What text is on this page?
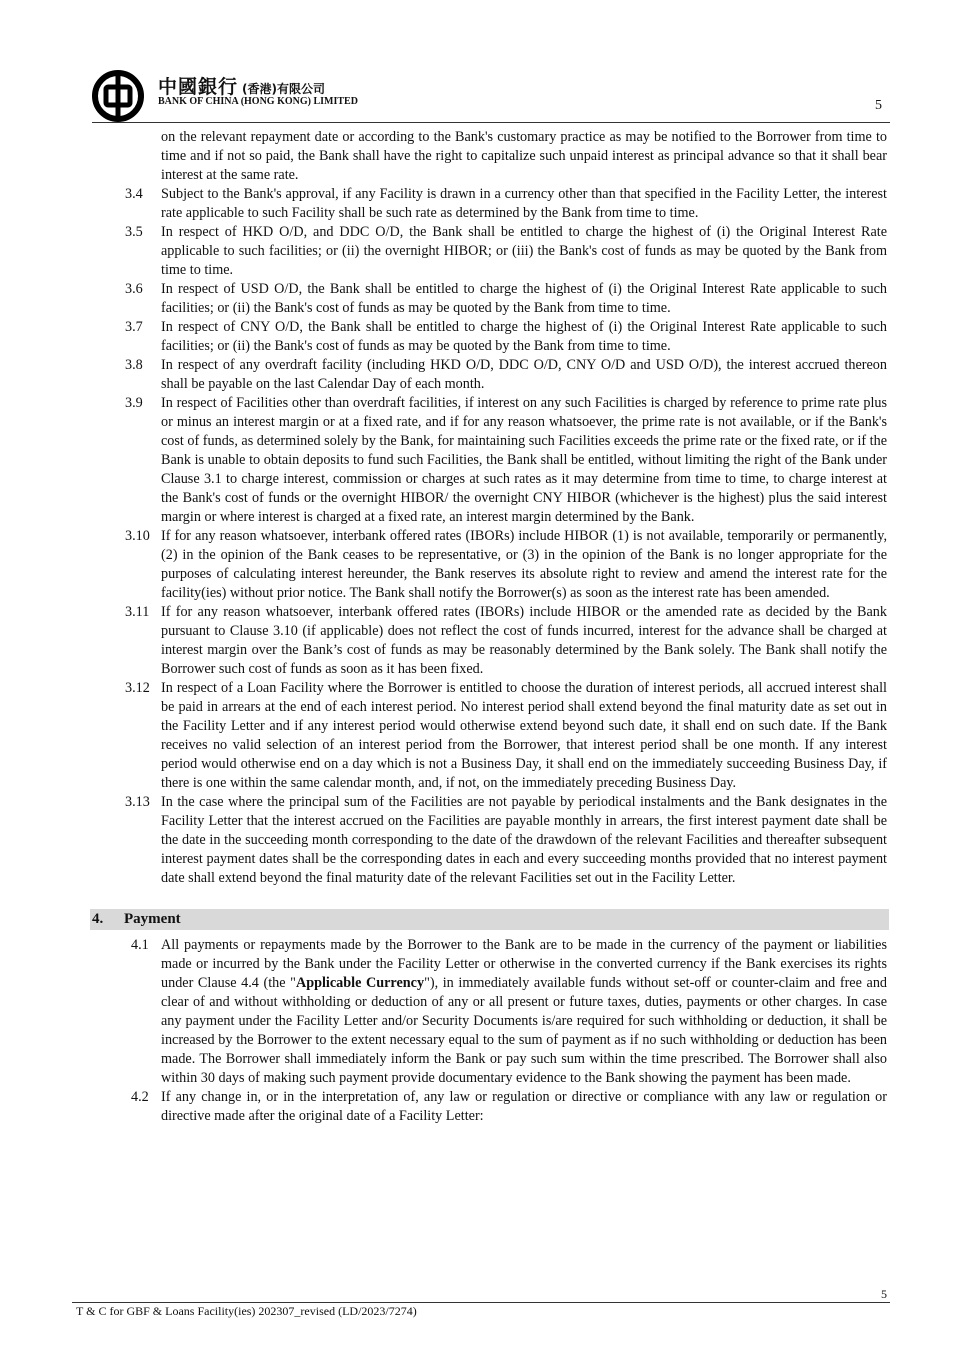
中國銀行 (香港)有限公司
BANK OF CHINA (HONG KONG) LIMITED	5
on the relevant repayment date or according to the Bank's customary practice as may be notified to the Borrower from time to time and if not so paid, the Bank shall have the right to capitalize such unpaid interest as principal advance so that it shall bear interest at the same rate.
3.4 Subject to the Bank's approval, if any Facility is drawn in a currency other than that specified in the Facility Letter, the interest rate applicable to such Facility shall be such rate as determined by the Bank from time to time.
3.5 In respect of HKD O/D, and DDC O/D, the Bank shall be entitled to charge the highest of (i) the Original Interest Rate applicable to such facilities; or (ii) the overnight HIBOR; or (iii) the Bank's cost of funds as may be quoted by the Bank from time to time.
3.6 In respect of USD O/D, the Bank shall be entitled to charge the highest of (i) the Original Interest Rate applicable to such facilities; or (ii) the Bank's cost of funds as may be quoted by the Bank from time to time.
3.7 In respect of CNY O/D, the Bank shall be entitled to charge the highest of (i) the Original Interest Rate applicable to such facilities; or (ii) the Bank's cost of funds as may be quoted by the Bank from time to time.
3.8 In respect of any overdraft facility (including HKD O/D, DDC O/D, CNY O/D and USD O/D), the interest accrued thereon shall be payable on the last Calendar Day of each month.
3.9 In respect of Facilities other than overdraft facilities, if interest on any such Facilities is charged by reference to prime rate plus or minus an interest margin or at a fixed rate, and if for any reason whatsoever, the prime rate is not available, or if the Bank's cost of funds, as determined solely by the Bank, for maintaining such Facilities exceeds the prime rate or the fixed rate, or if the Bank is unable to obtain deposits to fund such Facilities, the Bank shall be entitled, without limiting the right of the Bank under Clause 3.1 to charge interest, commission or charges at such rates as it may determine from time to time, to charge interest at the Bank's cost of funds or the overnight HIBOR/ the overnight CNY HIBOR (whichever is the highest) plus the said interest margin or where interest is charged at a fixed rate, an interest margin determined by the Bank.
3.10 If for any reason whatsoever, interbank offered rates (IBORs) include HIBOR (1) is not available, temporarily or permanently, (2) in the opinion of the Bank ceases to be representative, or (3) in the opinion of the Bank is no longer appropriate for the purposes of calculating interest hereunder, the Bank reserves its absolute right to review and amend the interest rate for the facility(ies) without prior notice. The Bank shall notify the Borrower(s) as soon as the interest rate has been amended.
3.11 If for any reason whatsoever, interbank offered rates (IBORs) include HIBOR or the amended rate as decided by the Bank pursuant to Clause 3.10 (if applicable) does not reflect the cost of funds incurred, interest for the advance shall be charged at interest margin over the Bank’s cost of funds as may be reasonably determined by the Bank solely. The Bank shall notify the Borrower such cost of funds as soon as it has been fixed.
3.12 In respect of a Loan Facility where the Borrower is entitled to choose the duration of interest periods, all accrued interest shall be paid in arrears at the end of each interest period. No interest period shall extend beyond the final maturity date as set out in the Facility Letter and if any interest period would otherwise extend beyond such date, it shall end on such date. If the Bank receives no valid selection of an interest period from the Borrower, that interest period shall be one month. If any interest period would otherwise end on a day which is not a Business Day, it shall end on the immediately succeeding Business Day, if there is one within the same calendar month, and, if not, on the immediately preceding Business Day.
3.13 In the case where the principal sum of the Facilities are not payable by periodical instalments and the Bank designates in the Facility Letter that the interest accrued on the Facilities are payable monthly in arrears, the first interest payment date shall be the date in the succeeding month corresponding to the date of the drawdown of the relevant Facilities and thereafter subsequent interest payment dates shall be the corresponding dates in each and every succeeding months provided that no interest payment date shall extend beyond the final maturity date of the relevant Facilities set out in the Facility Letter.
4. Payment
4.1 All payments or repayments made by the Borrower to the Bank are to be made in the currency of the payment or liabilities made or incurred by the Bank under the Facility Letter or otherwise in the converted currency if the Bank exercises its rights under Clause 4.4 (the "Applicable Currency"), in immediately available funds without set-off or counter-claim and free and clear of and without withholding or deduction of any or all present or future taxes, duties, payments or other charges. In case any payment under the Facility Letter and/or Security Documents is/are required for such withholding or deduction, it shall be increased by the Borrower to the extent necessary equal to the sum of payment as if no such withholding or deduction has been made. The Borrower shall immediately inform the Bank or pay such sum within the time prescribed. The Borrower shall also within 30 days of making such payment provide documentary evidence to the Bank showing the payment has been made.
4.2 If any change in, or in the interpretation of, any law or regulation or directive or compliance with any law or regulation or directive made after the original date of a Facility Letter:
5
T & C for GBF & Loans Facility(ies) 202307_revised (LD/2023/7274)
